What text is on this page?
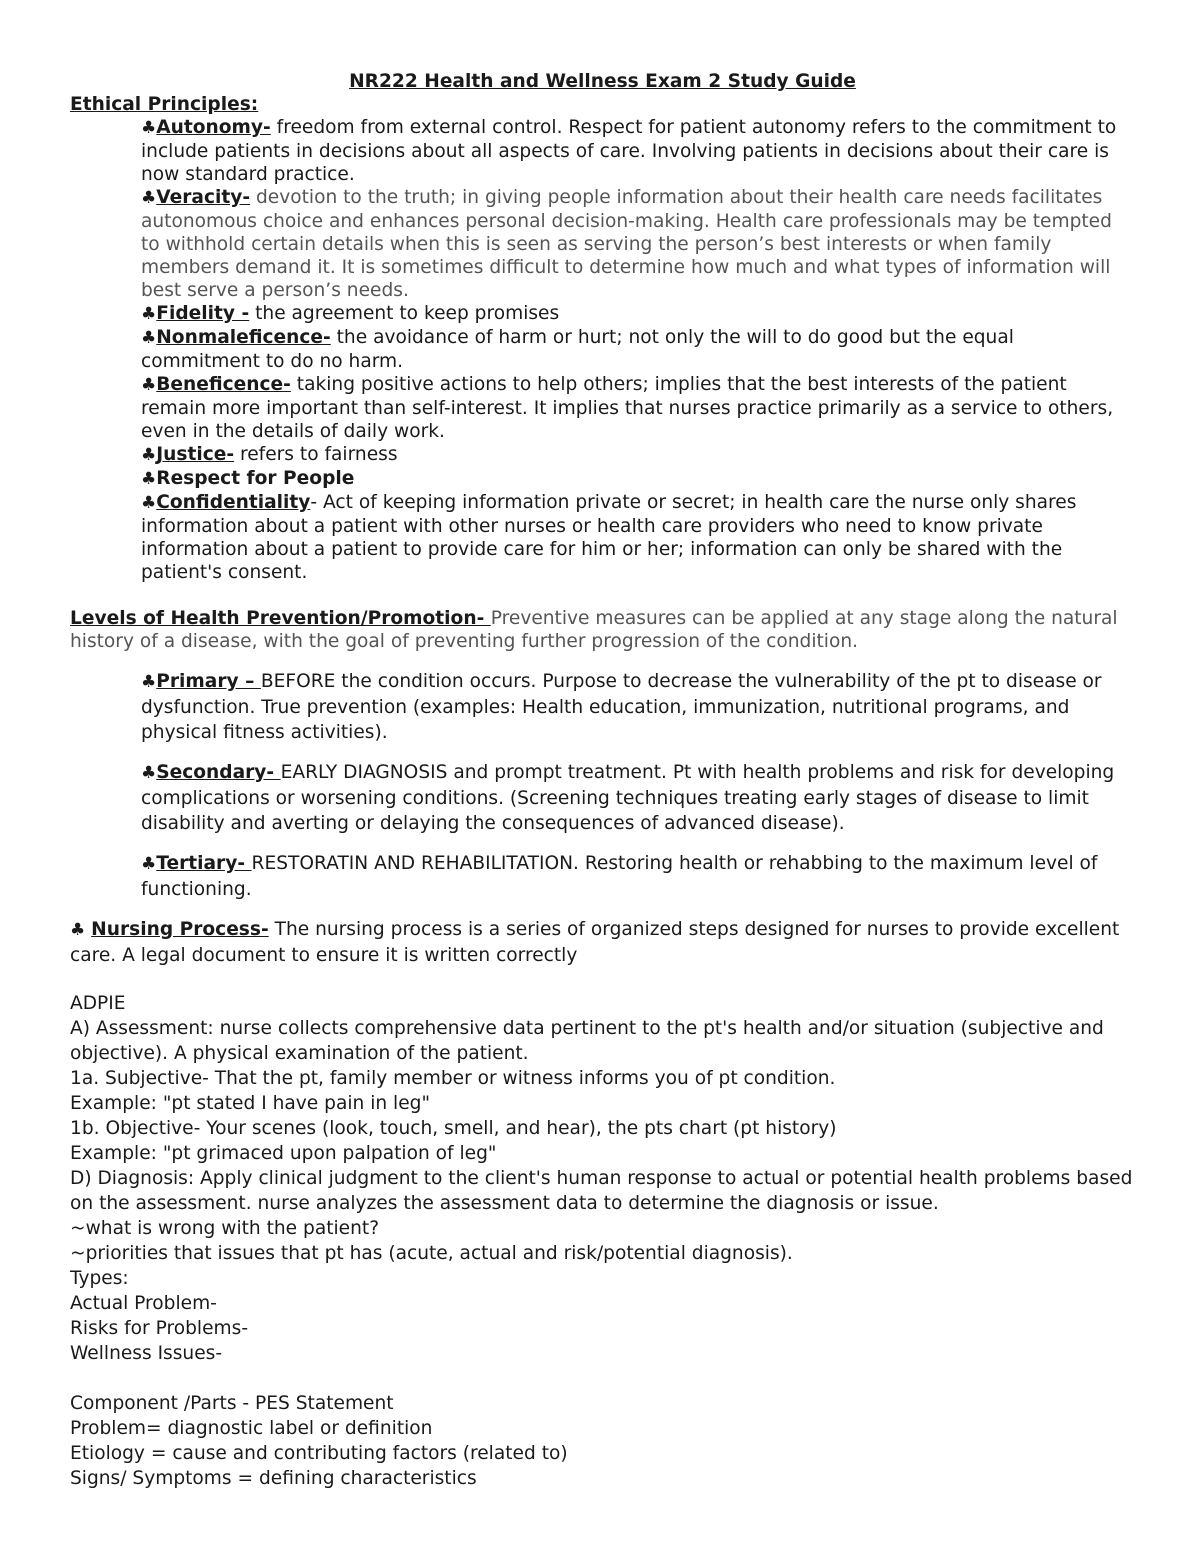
NR222 Health and Wellness Exam 2 Study Guide

Ethical Principles:

♣Autonomy- freedom from external control. Respect for patient autonomy refers to the commitment to include patients in decisions about all aspects of care. Involving patients in decisions about their care is now standard practice.

♣Veracity- devotion to the truth; in giving people information about their health care needs facilitates autonomous choice and enhances personal decision-making. Health care professionals may be tempted to withhold certain details when this is seen as serving the person’s best interests or when family members demand it. It is sometimes difficult to determine how much and what types of information will best serve a person’s needs.

♣Fidelity - the agreement to keep promises

♣Nonmaleficence- the avoidance of harm or hurt; not only the will to do good but the equal commitment to do no harm.

♣Beneficence- taking positive actions to help others; implies that the best interests of the patient remain more important than self-interest. It implies that nurses practice primarily as a service to others, even in the details of daily work.

♣Justice- refers to fairness

♣Respect for People

♣Confidentiality- Act of keeping information private or secret; in health care the nurse only shares information about a patient with other nurses or health care providers who need to know private information about a patient to provide care for him or her; information can only be shared with the patient's consent.

Levels of Health Prevention/Promotion- Preventive measures can be applied at any stage along the natural history of a disease, with the goal of preventing further progression of the condition.

♣Primary – BEFORE the condition occurs. Purpose to decrease the vulnerability of the pt to disease or dysfunction. True prevention (examples: Health education, immunization, nutritional programs, and physical fitness activities).

♣Secondary- EARLY DIAGNOSIS and prompt treatment. Pt with health problems and risk for developing complications or worsening conditions. (Screening techniques treating early stages of disease to limit disability and averting or delaying the consequences of advanced disease).

♣Tertiary- RESTORATIN AND REHABILITATION. Restoring health or rehabbing to the maximum level of functioning.

♣ Nursing Process- The nursing process is a series of organized steps designed for nurses to provide excellent care. A legal document to ensure it is written correctly

ADPIE

A) Assessment: nurse collects comprehensive data pertinent to the pt's health and/or situation (subjective and objective). A physical examination of the patient.

1a. Subjective- That the pt, family member or witness informs you of pt condition.

Example: "pt stated I have pain in leg"

1b. Objective- Your scenes (look, touch, smell, and hear), the pts chart (pt history)

Example: "pt grimaced upon palpation of leg"

D) Diagnosis: Apply clinical judgment to the client's human response to actual or potential health problems based on the assessment. nurse analyzes the assessment data to determine the diagnosis or issue.

~what is wrong with the patient?

~priorities that issues that pt has (acute, actual and risk/potential diagnosis).

Types:

Actual Problem-

Risks for Problems-

Wellness Issues-

Component /Parts - PES Statement

Problem= diagnostic label or definition

Etiology = cause and contributing factors (related to)

Signs/ Symptoms = defining characteristics
